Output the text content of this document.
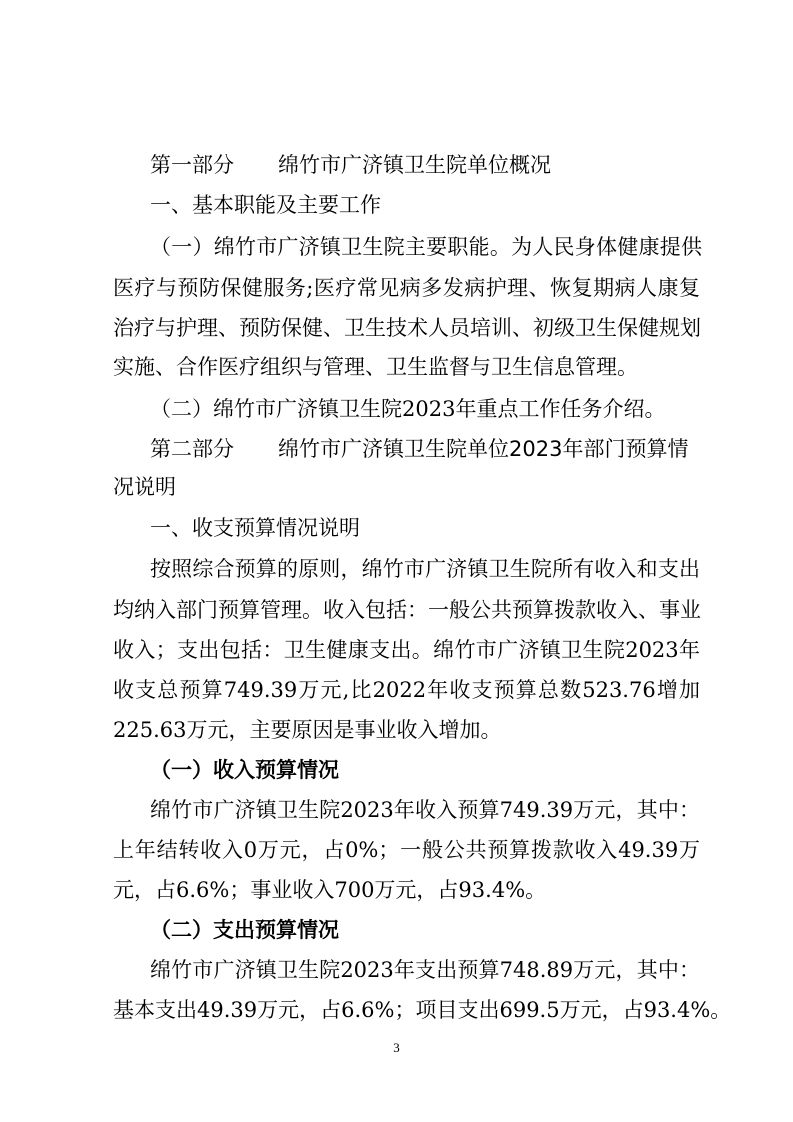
第一部分 绵竹市广济镇卫生院单位概况
一、基本职能及主要工作
（一）绵竹市广济镇卫生院主要职能。为人民身体健康提供
医疗与预防保健服务;医疗常见病多发病护理、恢复期病人康复
治疗与护理、预防保健、卫生技术人员培训、初级卫生保健规划
实施、合作医疗组织与管理、卫生监督与卫生信息管理。
（二）绵竹市广济镇卫生院2023年重点工作任务介绍。
第二部分 绵竹市广济镇卫生院单位2023年部门预算情
况说明
一、收支预算情况说明
按照综合预算的原则，绵竹市广济镇卫生院所有收入和支出
均纳入部门预算管理。收入包括：一般公共预算拨款收入、事业
收入；支出包括：卫生健康支出。绵竹市广济镇卫生院2023年
收支总预算749.39万元,比2022年收支预算总数523.76增加
225.63万元，主要原因是事业收入增加。
（一）收入预算情况
绵竹市广济镇卫生院2023年收入预算749.39万元，其中：
上年结转收入0万元，占0%；一般公共预算拨款收入49.39万
元，占6.6%；事业收入700万元，占93.4%。
（二）支出预算情况
绵竹市广济镇卫生院2023年支出预算748.89万元，其中：
基本支出49.39万元，占6.6%；项目支出699.5万元，占93.4%。
3
